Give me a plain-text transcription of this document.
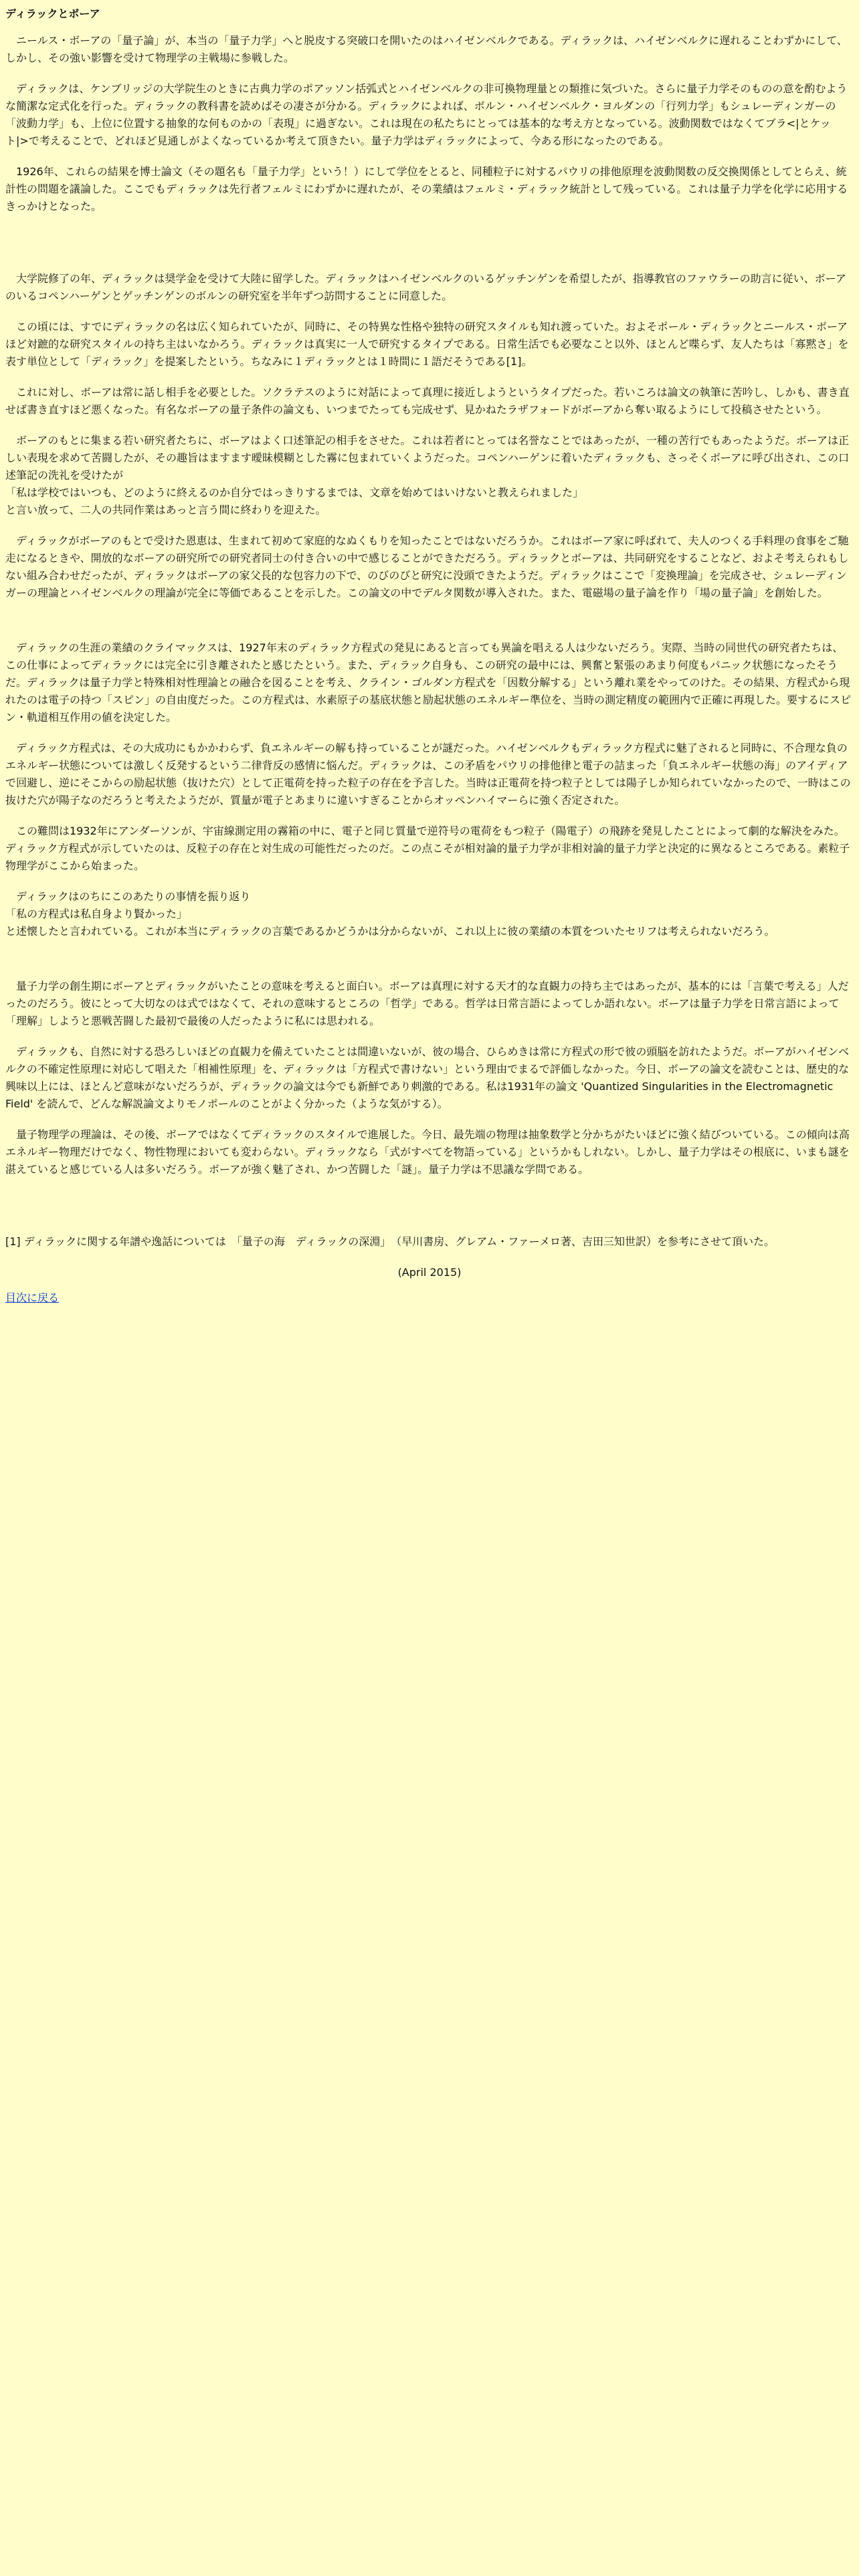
ディラックとボーア

ニールス・ボーアの「量子論」が、本当の「量子力学」へと脱皮する突破口を開いたのはハイゼンベルクである。ディラックは、ハイゼンベルクに遅れることわずかにして、しかし、その強い影響を受けて物理学の主戦場に参戦した。

ディラックは、ケンブリッジの大学院生のときに古典力学のポアッソン括弧式とハイゼンベルクの非可換物理量との類推に気づいた。さらに量子力学そのものの意を酌むような簡潔な定式化を行った。ディラックの教科書を読めばその凄さが分かる。ディラックによれば、ボルン・ハイゼンベルク・ヨルダンの「行列力学」もシュレーディンガーの「波動力学」も、上位に位置する抽象的な何ものかの「表現」に過ぎない。これは現在の私たちにとっては基本的な考え方となっている。波動関数ではなくてブラ<|とケット|>で考えることで、どれほど見通しがよくなっているか考えて頂きたい。量子力学はディラックによって、今ある形になったのである。

1926年、これらの結果を博士論文（その題名も「量子力学」という！）にして学位をとると、同種粒子に対するパウリの排他原理を波動関数の反交換関係としてとらえ、統計性の問題を議論した。ここでもディラックは先行者フェルミにわずかに遅れたが、その業績はフェルミ・ディラック統計として残っている。これは量子力学を化学に応用するきっかけとなった。

大学院修了の年、ディラックは奨学金を受けて大陸に留学した。ディラックはハイゼンベルクのいるゲッチンゲンを希望したが、指導教官のファウラーの助言に従い、ボーアのいるコペンハーゲンとゲッチンゲンのボルンの研究室を半年ずつ訪問することに同意した。

この頃には、すでにディラックの名は広く知られていたが、同時に、その特異な性格や独特の研究スタイルも知れ渡っていた。およそポール・ディラックとニールス・ボーアほど対蹠的な研究スタイルの持ち主はいなかろう。ディラックは真実に一人で研究するタイプである。日常生活でも必要なこと以外、ほとんど喋らず、友人たちは「寡黙さ」を表す単位として「ディラック」を提案したという。ちなみに１ディラックとは１時間に１語だそうである[1]。

これに対し、ボーアは常に話し相手を必要とした。ソクラテスのように対話によって真理に接近しようというタイプだった。若いころは論文の執筆に苦吟し、しかも、書き直せば書き直すほど悪くなった。有名なボーアの量子条件の論文も、いつまでたっても完成せず、見かねたラザフォードがボーアから奪い取るようにして投稿させたという。

ボーアのもとに集まる若い研究者たちに、ボーアはよく口述筆記の相手をさせた。これは若者にとっては名誉なことではあったが、一種の苦行でもあったようだ。ボーアは正しい表現を求めて苦闘したが、その趣旨はますます曖昧模糊とした霧に包まれていくようだった。コペンハーゲンに着いたディラックも、さっそくボーアに呼び出され、この口述筆記の洗礼を受けたが
「私は学校ではいつも、どのように終えるのか自分ではっきりするまでは、文章を始めてはいけないと教えられました」
と言い放って、二人の共同作業はあっと言う間に終わりを迎えた。

ディラックがボーアのもとで受けた恩恵は、生まれて初めて家庭的なぬくもりを知ったことではないだろうか。これはボーア家に呼ばれて、夫人のつくる手料理の食事をご馳走になるときや、開放的なボーアの研究所での研究者同士の付き合いの中で感じることができただろう。ディラックとボーアは、共同研究をすることなど、およそ考えられもしない組み合わせだったが、ディラックはボーアの家父長的な包容力の下で、のびのびと研究に没頭できたようだ。ディラックはここで「変換理論」を完成させ、シュレーディンガーの理論とハイゼンベルクの理論が完全に等価であることを示した。この論文の中でデルタ関数が導入された。また、電磁場の量子論を作り「場の量子論」を創始した。

ディラックの生涯の業績のクライマックスは、1927年末のディラック方程式の発見にあると言っても異論を唱える人は少ないだろう。実際、当時の同世代の研究者たちは、この仕事によってディラックには完全に引き離されたと感じたという。また、ディラック自身も、この研究の最中には、興奮と緊張のあまり何度もパニック状態になったそうだ。ディラックは量子力学と特殊相対性理論との融合を図ることを考え、クライン・ゴルダン方程式を「因数分解する」という離れ業をやってのけた。その結果、方程式から現れたのは電子の持つ「スピン」の自由度だった。この方程式は、水素原子の基底状態と励起状態のエネルギー準位を、当時の測定精度の範囲内で正確に再現した。要するにスピン・軌道相互作用の値を決定した。

ディラック方程式は、その大成功にもかかわらず、負エネルギーの解も持っていることが謎だった。ハイゼンベルクもディラック方程式に魅了されると同時に、不合理な負のエネルギー状態については激しく反発するという二律背反の感情に悩んだ。ディラックは、この矛盾をパウリの排他律と電子の詰まった「負エネルギー状態の海」のアイディアで回避し、逆にそこからの励起状態（抜けた穴）として正電荷を持った粒子の存在を予言した。当時は正電荷を持つ粒子としては陽子しか知られていなかったので、一時はこの抜けた穴が陽子なのだろうと考えたようだが、質量が電子とあまりに違いすぎることからオッペンハイマーらに強く否定された。

この難問は1932年にアンダーソンが、宇宙線測定用の霧箱の中に、電子と同じ質量で逆符号の電荷をもつ粒子（陽電子）の飛跡を発見したことによって劇的な解決をみた。ディラック方程式が示していたのは、反粒子の存在と対生成の可能性だったのだ。この点こそが相対論的量子力学が非相対論的量子力学と決定的に異なるところである。素粒子物理学がここから始まった。

ディラックはのちにこのあたりの事情を振り返り
「私の方程式は私自身より賢かった」
と述懐したと言われている。これが本当にディラックの言葉であるかどうかは分からないが、これ以上に彼の業績の本質をついたセリフは考えられないだろう。

量子力学の創生期にボーアとディラックがいたことの意味を考えると面白い。ボーアは真理に対する天才的な直観力の持ち主ではあったが、基本的には「言葉で考える」人だったのだろう。彼にとって大切なのは式ではなくて、それの意味するところの「哲学」である。哲学は日常言語によってしか語れない。ボーアは量子力学を日常言語によって「理解」しようと悪戦苦闘した最初で最後の人だったように私には思われる。

ディラックも、自然に対する恐ろしいほどの直観力を備えていたことは間違いないが、彼の場合、ひらめきは常に方程式の形で彼の頭脳を訪れたようだ。ボーアがハイゼンベルクの不確定性原理に対応して唱えた「相補性原理」を、ディラックは「方程式で書けない」という理由でまるで評価しなかった。今日、ボーアの論文を読むことは、歴史的な興味以上には、ほとんど意味がないだろうが、ディラックの論文は今でも新鮮であり刺激的である。私は1931年の論文 'Quantized Singularities in the Electromagnetic Field' を読んで、どんな解説論文よりモノポールのことがよく分かった（ような気がする）。

量子物理学の理論は、その後、ボーアではなくてディラックのスタイルで進展した。今日、最先端の物理は抽象数学と分かちがたいほどに強く結びついている。この傾向は高エネルギー物理だけでなく、物性物理においても変わらない。ディラックなら「式がすべてを物語っている」というかもしれない。しかし、量子力学はその根底に、いまも謎を湛えていると感じている人は多いだろう。ボーアが強く魅了され、かつ苦闘した「謎」。量子力学は不思議な学問である。

[1] ディラックに関する年譜や逸話については　「量子の海　ディラックの深淵」　（早川書房、グレアム・ファーメロ著、吉田三知世訳）を参考にさせて頂いた。

(April 2015)
目次に戻る
